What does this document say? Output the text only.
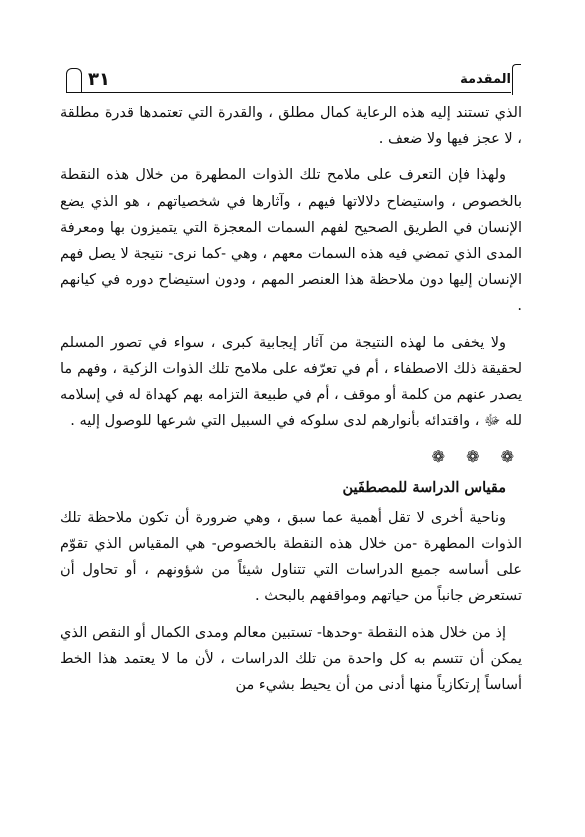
المقدمة
٣١

الذي تستند إليه هذه الرعاية كمال مطلق ، والقدرة التي تعتمدها قدرة مطلقة ، لا عجز فيها ولا ضعف .

ولهذا فإن التعرف على ملامح تلك الذوات المطهرة من خلال هذه النقطة بالخصوص ، واستيضاح دلالاتها فيهم ، وآثارها في شخصياتهم ، هو الذي يضع الإنسان في الطريق الصحيح لفهم السمات المعجزة التي يتميزون بها ومعرفة المدى الذي تمضي فيه هذه السمات معهم ، وهي -كما نرى- نتيجة لا يصل فهم الإنسان إليها دون ملاحظة هذا العنصر المهم ، ودون استيضاح دوره في كيانهم .

ولا يخفى ما لهذه النتيجة من آثار إيجابية كبرى ، سواء في تصور المسلم لحقيقة ذلك الاصطفاء ، أم في تعرّفه على ملامح تلك الذوات الزكية ، وفهم ما يصدر عنهم من كلمة أو موقف ، أم في طبيعة التزامه بهم كهداة له في إسلامه لله ﷻ ، واقتدائه بأنوارهم لدى سلوكه في السبيل التي شرعها للوصول إليه .

❁ ❁ ❁
مقياس الدراسة للمصطفَين

وناحية أخرى لا تقل أهمية عما سبق ، وهي ضرورة أن تكون ملاحظة تلك الذوات المطهرة -من خلال هذه النقطة بالخصوص- هي المقياس الذي تقوّم على أساسه جميع الدراسات التي تتناول شيئاً من شؤونهم ، أو تحاول أن تستعرض جانباً من حياتهم ومواقفهم بالبحث .

إذ من خلال هذه النقطة -وحدها- تستبين معالم ومدى الكمال أو النقص الذي يمكن أن تتسم به كل واحدة من تلك الدراسات ، لأن ما لا يعتمد هذا الخط أساساً إرتكازياً منها أدنى من أن يحيط بشيء من
